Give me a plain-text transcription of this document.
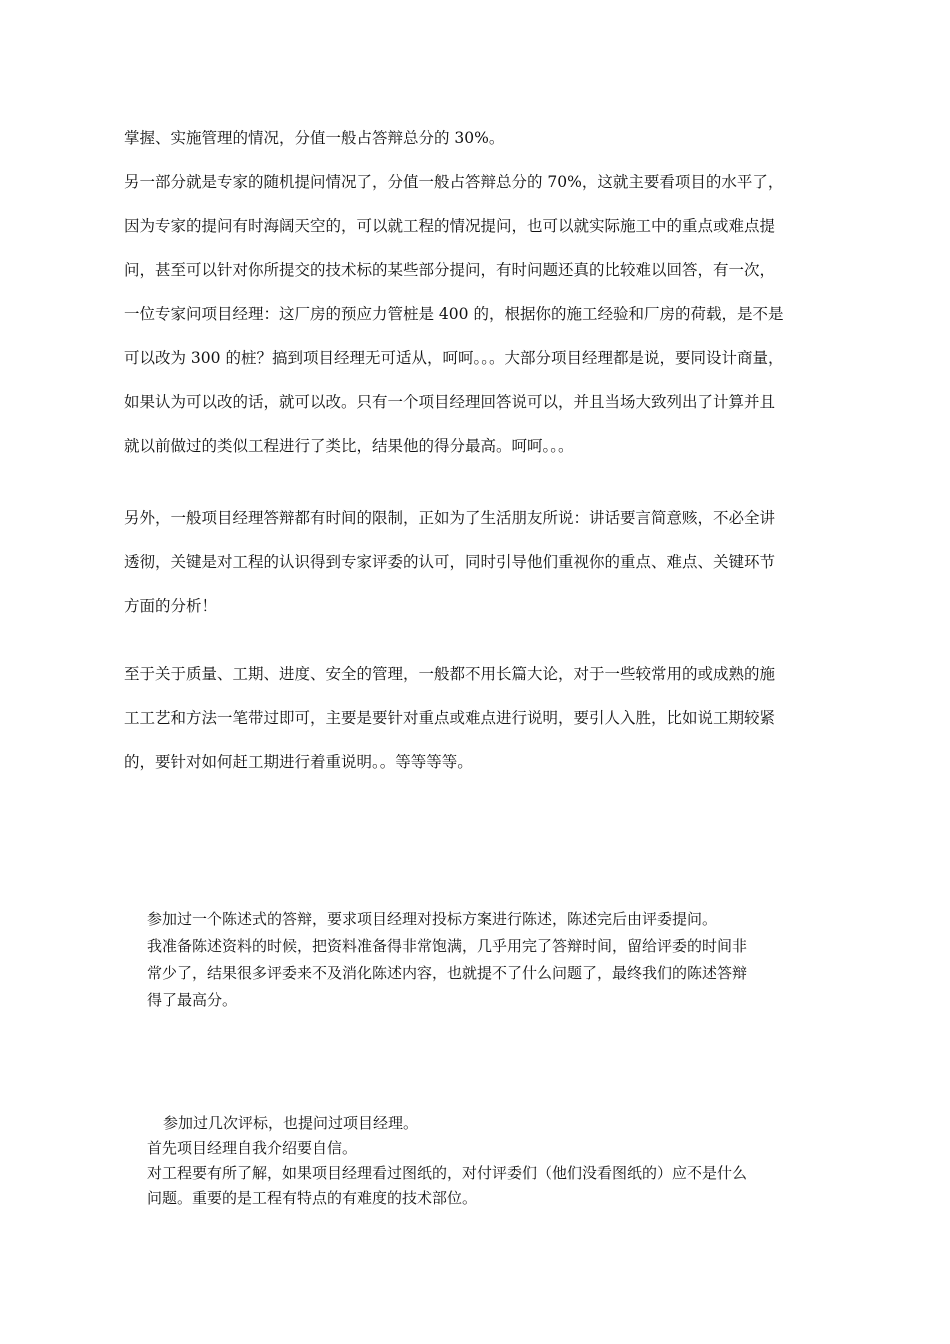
掌握、实施管理的情况，分值一般占答辩总分的 30%。
另一部分就是专家的随机提问情况了，分值一般占答辩总分的 70%，这就主要看项目的水平了，
因为专家的提问有时海阔天空的，可以就工程的情况提问，也可以就实际施工中的重点或难点提
问，甚至可以针对你所提交的技术标的某些部分提问，有时问题还真的比较难以回答，有一次，
一位专家问项目经理：这厂房的预应力管桩是 400 的，根据你的施工经验和厂房的荷载，是不是
可以改为 300 的桩？搞到项目经理无可适从，呵呵。。。大部分项目经理都是说，要同设计商量，
如果认为可以改的话，就可以改。只有一个项目经理回答说可以，并且当场大致列出了计算并且
就以前做过的类似工程进行了类比，结果他的得分最高。呵呵。。。
另外，一般项目经理答辩都有时间的限制，正如为了生活朋友所说：讲话要言简意赅，不必全讲
透彻，关键是对工程的认识得到专家评委的认可，同时引导他们重视你的重点、难点、关键环节
方面的分析！
至于关于质量、工期、进度、安全的管理，一般都不用长篇大论，对于一些较常用的或成熟的施
工工艺和方法一笔带过即可，主要是要针对重点或难点进行说明，要引人入胜，比如说工期较紧
的，要针对如何赶工期进行着重说明。。等等等等。
参加过一个陈述式的答辩，要求项目经理对投标方案进行陈述，陈述完后由评委提问。
我准备陈述资料的时候，把资料准备得非常饱满，几乎用完了答辩时间，留给评委的时间非
常少了，结果很多评委来不及消化陈述内容，也就提不了什么问题了，最终我们的陈述答辩
得了最高分。
参加过几次评标，也提问过项目经理。
首先项目经理自我介绍要自信。
对工程要有所了解，如果项目经理看过图纸的，对付评委们（他们没看图纸的）应不是什么
问题。重要的是工程有特点的有难度的技术部位。
